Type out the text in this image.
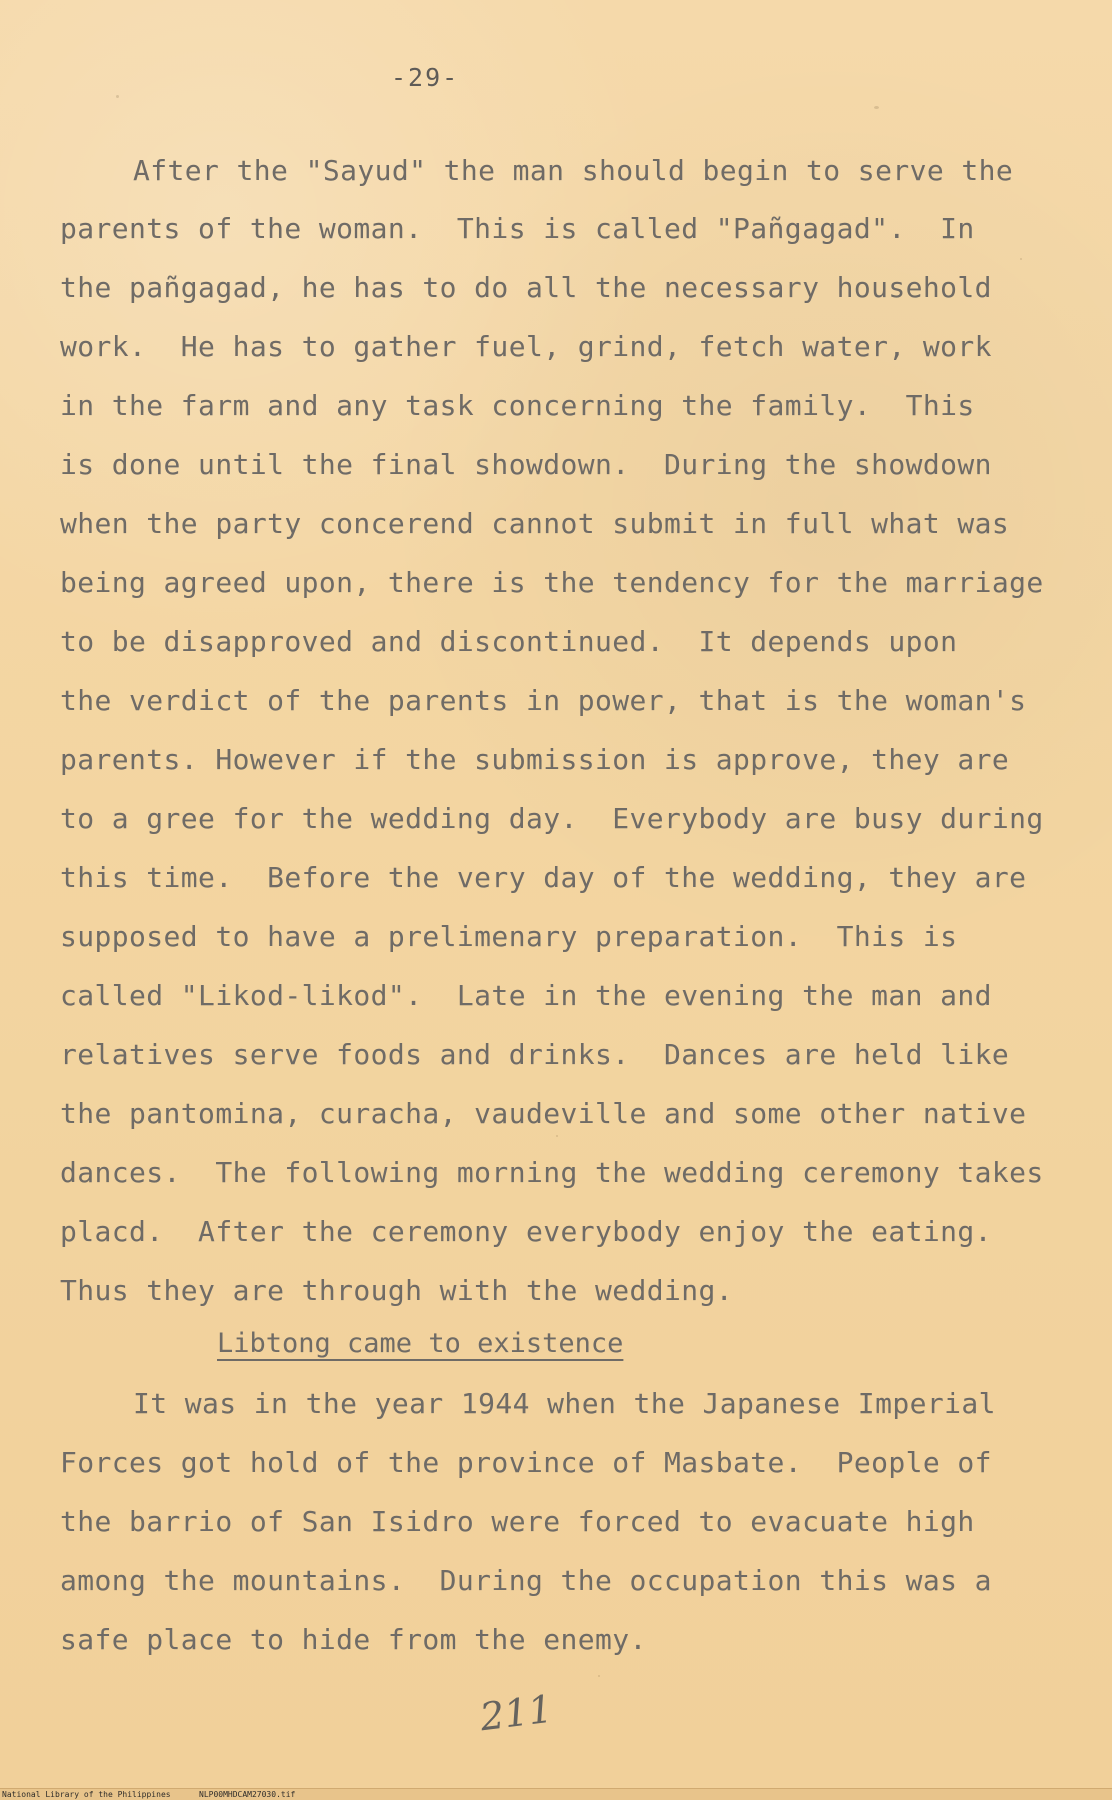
-29-
After the "Sayud" the man should begin to serve the
parents of the woman.  This is called "Pañgagad".  In
the pañgagad, he has to do all the necessary household
work.  He has to gather fuel, grind, fetch water, work
in the farm and any task concerning the family.  This
is done until the final showdown.  During the showdown
when the party concerend cannot submit in full what was
being agreed upon, there is the tendency for the marriage
to be disapproved and discontinued.  It depends upon
the verdict of the parents in power, that is the woman's
parents. However if the submission is approve, they are
to a gree for the wedding day.  Everybody are busy during
this time.  Before the very day of the wedding, they are
supposed to have a prelimenary preparation.  This is
called "Likod-likod".  Late in the evening the man and
relatives serve foods and drinks.  Dances are held like
the pantomina, curacha, vaudeville and some other native
dances.  The following morning the wedding ceremony takes
placd.  After the ceremony everybody enjoy the eating.
Thus they are through with the wedding.
Libtong came to existence
It was in the year 1944 when the Japanese Imperial
Forces got hold of the province of Masbate.  People of
the barrio of San Isidro were forced to evacuate high
among the mountains.  During the occupation this was a
safe place to hide from the enemy.
211
National Library of the Philippines	NLP00MHDCAM27030.tif
